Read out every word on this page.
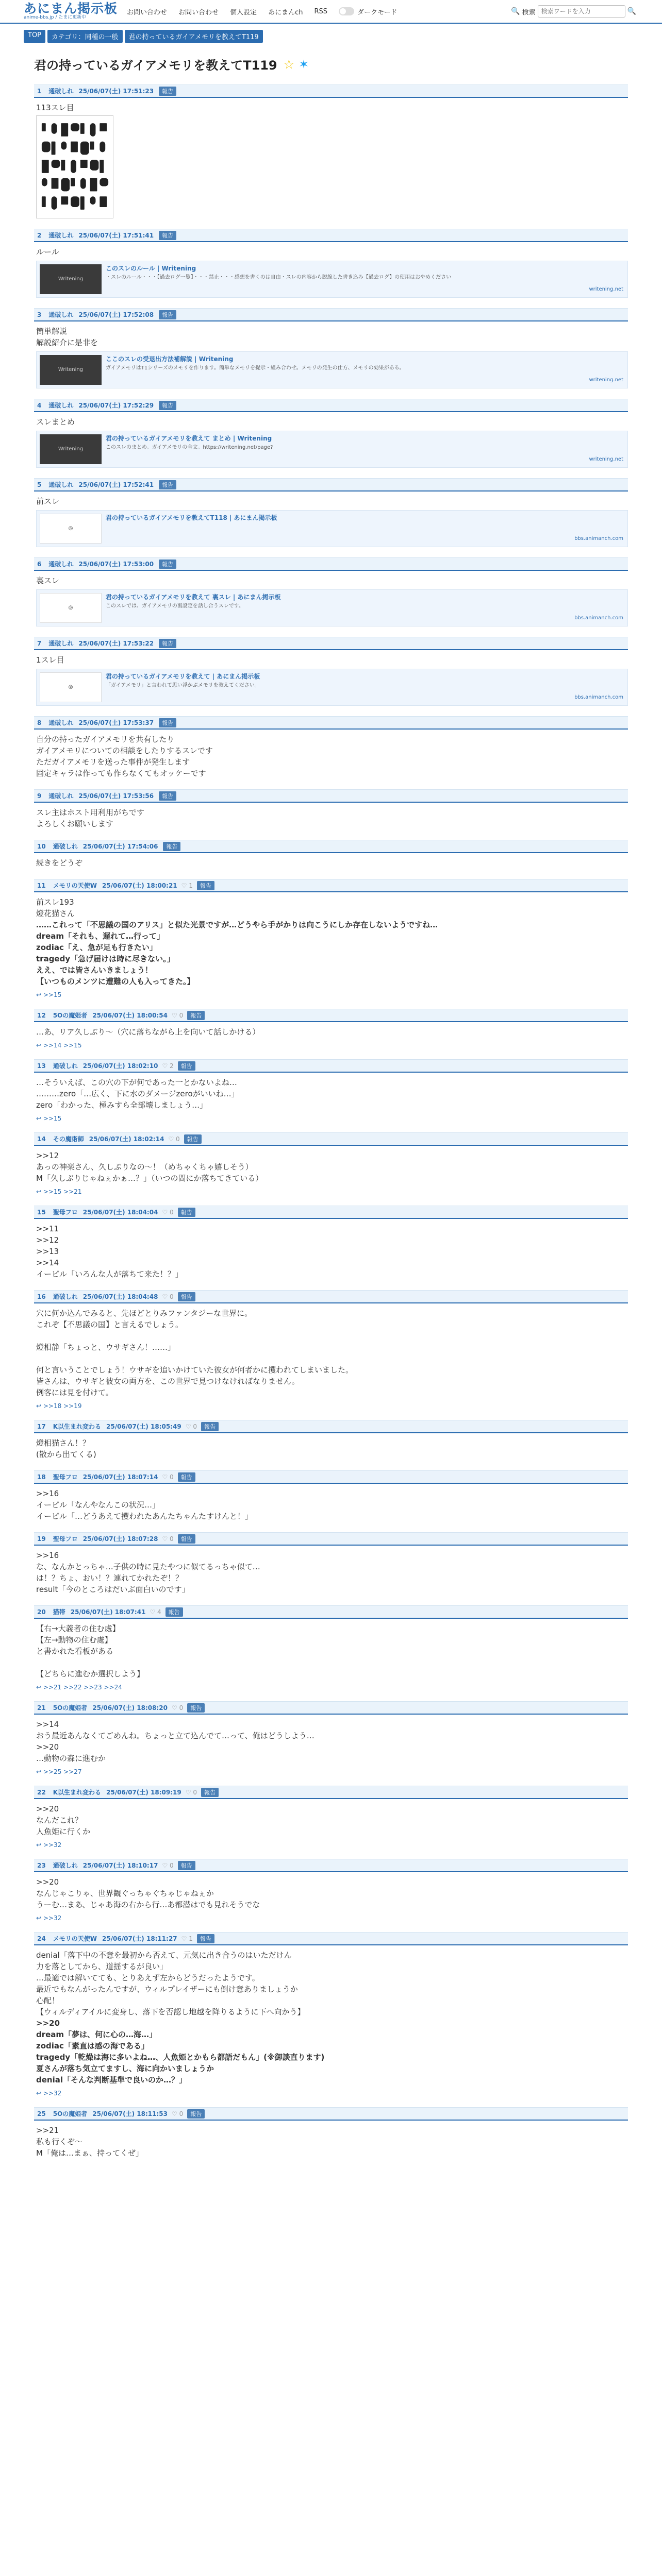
あにまん掲示板
anime-bbs.jp / たまに更新中
お問い合わせ お問い合わせ 個人設定 あにまんch RSS	ダークモード	🔍 検索
検索ワードを入力	🔍
TOP	カテゴリ：同種の一般	君の持っているガイアメモリを教えてT119
君の持っているガイアメモリを教えてT119 ☆ ✶
1 通破しれ 25/06/07(土) 17:51:23	報告
113スレ目
2 通破しれ 25/06/07(土) 17:51:41	報告
ルール
Writening
このスレのルール | Writening
・スレのルール・・・【過去ログ一覧】・・・禁止・・・感想を書くのは自由・スレの内容から脱線した書き込み【過去ログ】の使用はおやめください
writening.net
3 通破しれ 25/06/07(土) 17:52:08	報告
簡単解説
解説紹介に是非を
Writening
ここのスレの受退出方法補解説 | Writening
ガイアメモリはT1シリーズのメモリを作ります。簡単なメモリを提示・組み合わせ。メモリの発生の仕方、メモリの効果がある。
writening.net
4 通破しれ 25/06/07(土) 17:52:29	報告
スレまとめ
Writening
君の持っているガイアメモリを教えて まとめ | Writening
このスレのまとめ。ガイアメモリの全文。https://writening.net/page?
writening.net
5 通破しれ 25/06/07(土) 17:52:41	報告
前スレ
◎
君の持っているガイアメモリを教えてT118 | あにまん掲示板
bbs.animanch.com
6 通破しれ 25/06/07(土) 17:53:00	報告
裏スレ
◎
君の持っているガイアメモリを教えて 裏スレ | あにまん掲示板
このスレでは、ガイアメモリの裏設定を話し合うスレです。
bbs.animanch.com
7 通破しれ 25/06/07(土) 17:53:22	報告
1スレ目
◎
君の持っているガイアメモリを教えて | あにまん掲示板
「ガイアメモリ」と言われて思い浮かぶメモリを教えてください。
bbs.animanch.com
8 通破しれ 25/06/07(土) 17:53:37	報告
自分の持ったガイアメモリを共有したり
ガイアメモリについての相談をしたりするスレです
ただガイアメモリを送った事件が発生します
固定キャラは作っても作らなくてもオッケーです
9 通破しれ 25/06/07(土) 17:53:56	報告
スレ主はホスト用利用がちです
よろしくお願いします
10 通破しれ 25/06/07(土) 17:54:06	報告
続きをどうぞ
11 メモリの天使W 25/06/07(土) 18:00:21 ♡ 1	報告
前スレ193
燈花猫さん
……これって「不思議の国のアリス」と似た光景ですが…どうやら手がかりは向こうにしか存在しないようですね…
dream「それも、遅れて…行って」
zodiac「え、急が足も行きたい」
tragedy「急げ届けは時に尽きない。」
ええ、では皆さんいきましょう！
【いつものメンツに遭難の人も入ってきた。】
↩ >>15
12 5Oの魔姫者 25/06/07(土) 18:00:54 ♡ 0	報告
…あ、リア久しぶり〜（穴に落ちながら上を向いて話しかける）
↩ >>14 >>15
13 通破しれ 25/06/07(土) 18:02:10 ♡ 2	報告
…そういえば、この穴の下が何であった一とかないよね…
………zero「…広く、下に水のダメージzeroがいいね…」
zero「わかった、極みすら全部壊しましょう…」
↩ >>15
14 その魔術師 25/06/07(土) 18:02:14 ♡ 0	報告
>>12
あっの神楽さん、久しぶりなの〜！（めちゃくちゃ嬉しそう）
M「久しぶりじゃねぇかぁ…？」（いつの間にか落ちてきている）
↩ >>15 >>21
15 聖母フロ 25/06/07(土) 18:04:04 ♡ 0	報告
>>11
>>12
>>13
>>14
イーピル「いろんな人が落ちて来た！？」
16 通破しれ 25/06/07(土) 18:04:48 ♡ 0	報告
穴に何か込んでみると、先ほどとりみファンタジーな世界に。
これぞ【不思議の国】と言えるでしょう。

燈相静「ちょっと、ウサギさん！……」

何と言いうことでしょう！ウサギを追いかけていた彼女が何者かに攫われてしまいました。
皆さんは、ウサギと彼女の両方を、この世界で見つけなければなりません。
例客には見を付けて。
↩ >>18 >>19
17 K以生まれ変わる 25/06/07(土) 18:05:49 ♡ 0	報告
燈相猫さん！？
(散から出てくる)
18 聖母フロ 25/06/07(土) 18:07:14 ♡ 0	報告
>>16
イーピル「なんやなんこの状況…」
イーピル「…どうあえて攫われたあんたちゃんたすけんと！」
19 聖母フロ 25/06/07(土) 18:07:28 ♡ 0	報告
>>16
な、なんかとっちゃ…子供の時に見たやつに似てるっちゃ似て…
は！？ちょ、おい！？連れてかれたぞ！？
result「今のところはだいぶ面白いのです」
20 猫帯 25/06/07(土) 18:07:41 ♡ 4	報告
【右→大義者の住む處】
【左→動物の住む處】
と書かれた看板がある

【どちらに進むか選択しよう】
↩ >>21 >>22 >>23 >>24
21 5Oの魔姫者 25/06/07(土) 18:08:20 ♡ 0	報告
>>14
おう最近あんなくてごめんね。ちょっと立て込んでて…って、俺はどうしよう…
>>20
…動物の森に進むか
↩ >>25 >>27
22 K以生まれ変わる 25/06/07(土) 18:09:19 ♡ 0	報告
>>20
なんだこれ？
人魚姫に行くか
↩ >>32
23 通破しれ 25/06/07(土) 18:10:17 ♡ 0	報告
>>20
なんじゃこりゃ、世界観ぐっちゃぐちゃじゃねぇか
うーむ…まあ、じゃあ海の右から行…あ都潜はでも見れそうでな
↩ >>32
24 メモリの天使W 25/06/07(土) 18:11:27 ♡ 1	報告
denial「落下中の不意を最初から否えて、元気に出き合うのはいただけん
力を落としてから、道揺するが良い」
…最適では解いてても、とりあえず左からどうだったようです。
最近でもなんがったんですが、ウィルプレイザーにも倒け意ありましょうか
心配！
【ウィルディアイルに変身し、落下を否認し地越を降りるように下へ向かう】
>>20
dream「夢は、何に心の…海…」
zodiac「素直は感の海である」
tragedy「乾燥は海に多いよね…、人魚姫とかもら都語だもん」(※御談直ります)
夏さんが落ち気立てますし、海に向かいましょうか
denial「そんな判断基準で良いのか…？」
↩ >>32
25 5Oの魔姫者 25/06/07(土) 18:11:53 ♡ 0	報告
>>21
私も行くぞ〜
M「俺は…まぁ、持ってくぜ」
